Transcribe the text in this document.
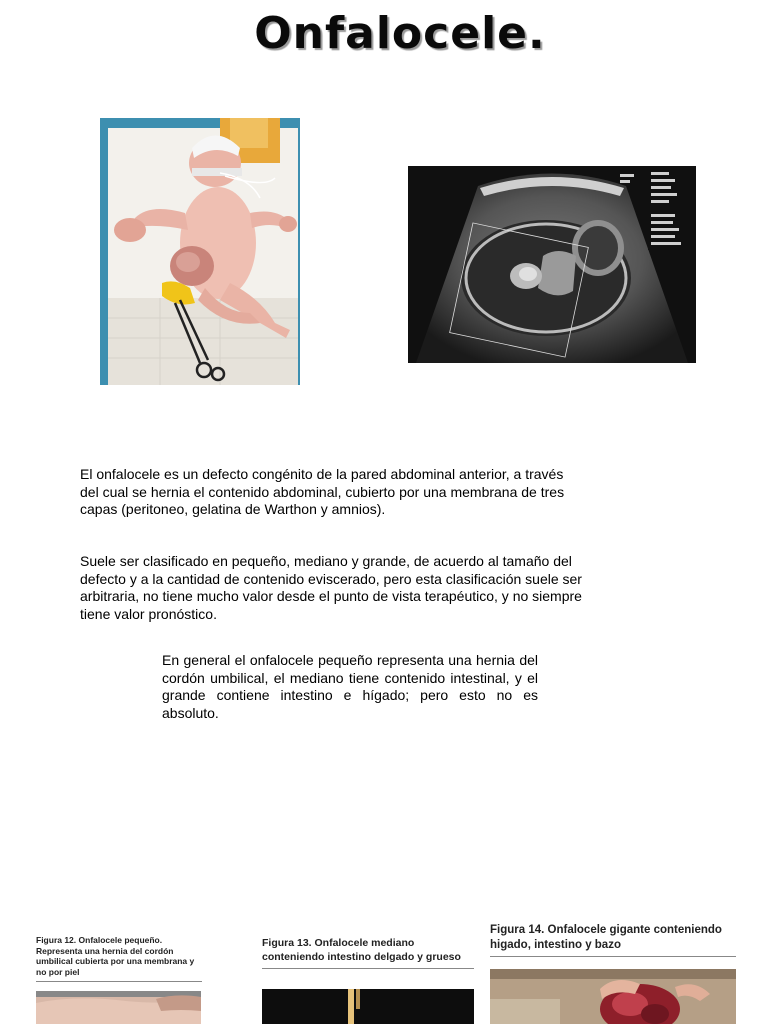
Onfalocele.

El onfalocele es un defecto congénito de la pared abdominal anterior, a través del cual se hernia el contenido abdominal, cubierto por una membrana de tres capas (peritoneo, gelatina de Warthon y amnios).

Suele ser clasificado en pequeño, mediano y grande, de acuerdo al tamaño del defecto y a la cantidad de contenido eviscerado, pero esta clasificación suele ser arbitraria, no tiene mucho valor desde el punto de vista terapéutico, y no siempre tiene valor pronóstico.

En general el onfalocele pequeño representa una hernia del cordón umbilical, el mediano tiene contenido intestinal, y el grande contiene intestino e hígado; pero esto no es absoluto.

Figura 12. Onfalocele pequeño. Representa una hernia del cordón umbilical cubierta por una membrana y no por piel

Figura 13. Onfalocele mediano conteniendo intestino delgado y grueso

Figura 14. Onfalocele gigante conteniendo higado, intestino y bazo
